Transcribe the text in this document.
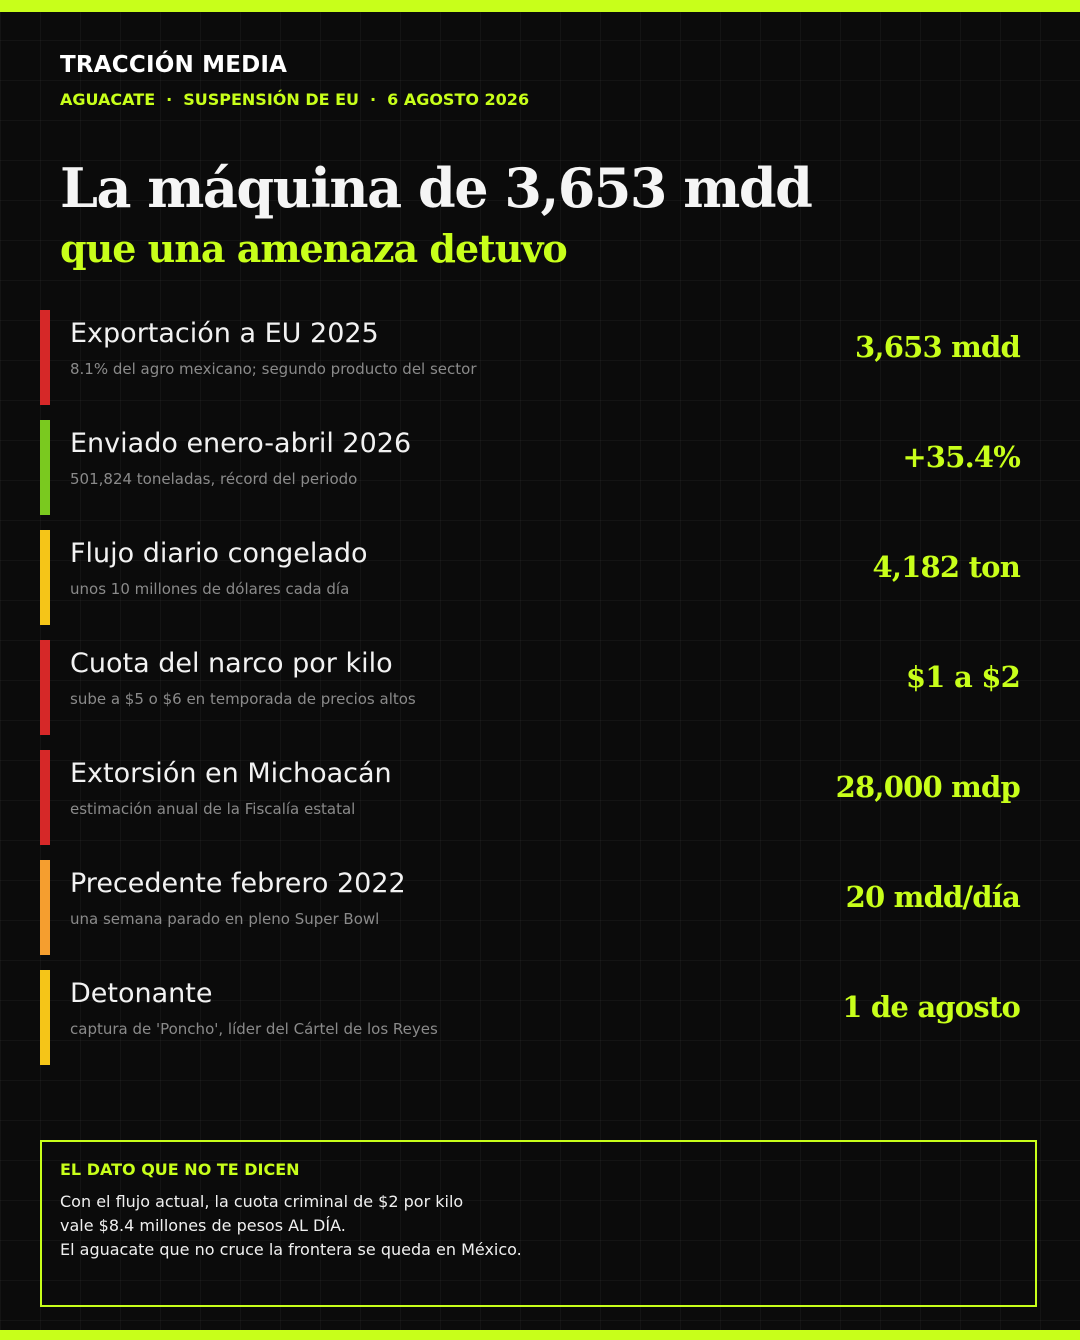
TRACCIÓN MEDIA
AGUACATE · SUSPENSIÓN DE EU · 6 AGOSTO 2026
La máquina de 3,653 mdd
que una amenaza detuvo
Exportación a EU 2025
8.1% del agro mexicano; segundo producto del sector
3,653 mdd
Enviado enero-abril 2026
501,824 toneladas, récord del periodo
+35.4%
Flujo diario congelado
unos 10 millones de dólares cada día
4,182 ton
Cuota del narco por kilo
sube a $5 o $6 en temporada de precios altos
$1 a $2
Extorsión en Michoacán
estimación anual de la Fiscalía estatal
28,000 mdp
Precedente febrero 2022
una semana parado en pleno Super Bowl
20 mdd/día
Detonante
captura de 'Poncho', líder del Cártel de los Reyes
1 de agosto
EL DATO QUE NO TE DICEN
Con el flujo actual, la cuota criminal de $2 por kilo
vale $8.4 millones de pesos AL DÍA.
El aguacate que no cruce la frontera se queda en México.
